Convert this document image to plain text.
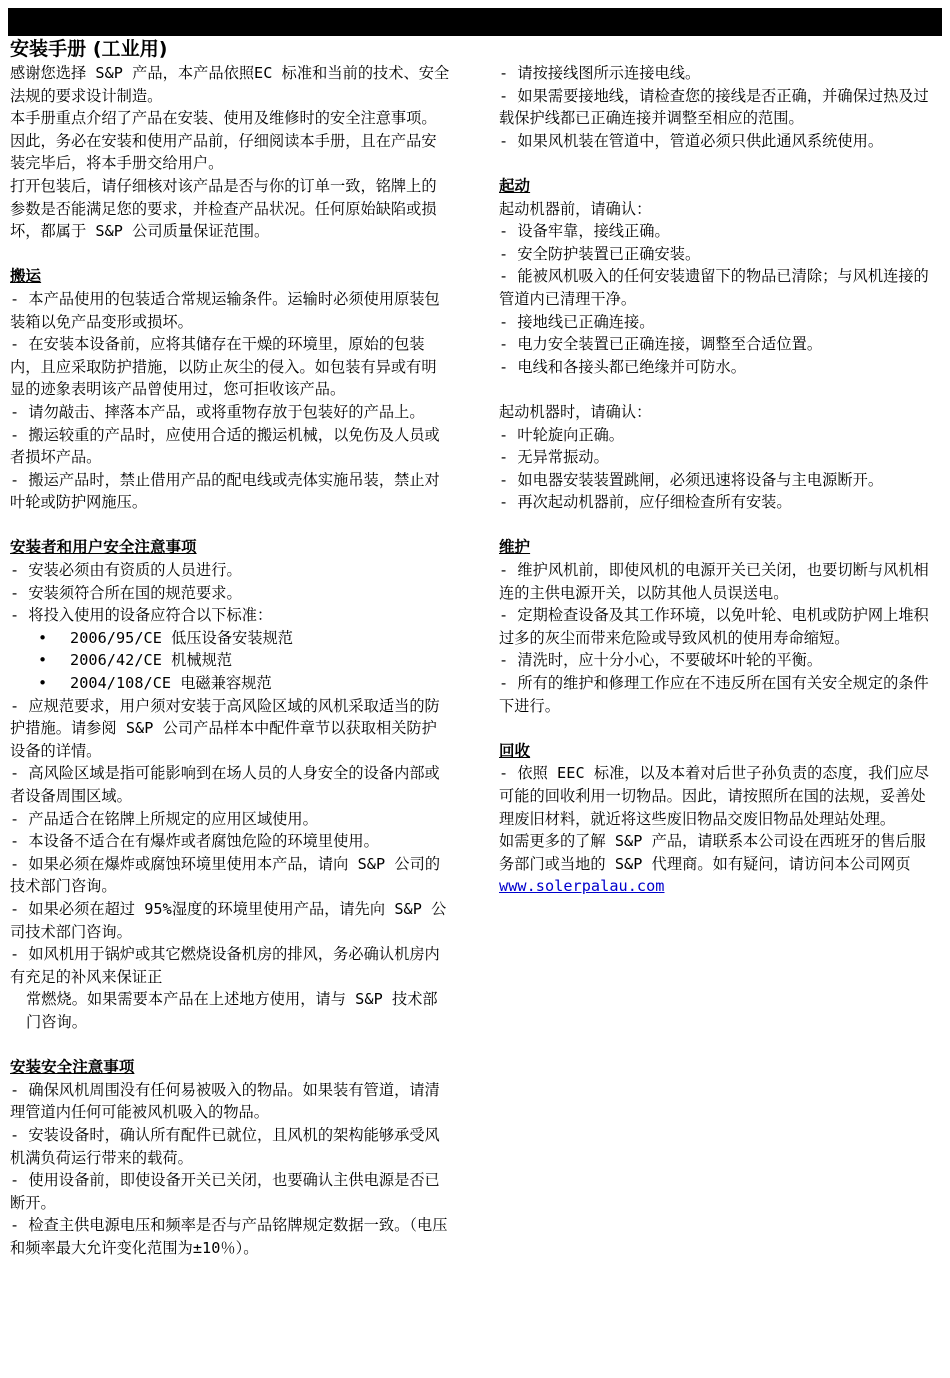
安装手册 (工业用)

感谢您选择 S&P 产品，本产品依照EC 标准和当前的技术、安全法规的要求设计制造。

本手册重点介绍了产品在安装、使用及维修时的安全注意事项。因此，务必在安装和使用产品前，仔细阅读本手册，且在产品安装完毕后，将本手册交给用户。

打开包装后，请仔细核对该产品是否与你的订单一致，铭牌上的参数是否能满足您的要求，并检查产品状况。任何原始缺陷或损坏，都属于 S&P 公司质量保证范围。

搬运

- 本产品使用的包装适合常规运输条件。运输时必须使用原装包装箱以免产品变形或损坏。

- 在安装本设备前，应将其储存在干燥的环境里，原始的包装内，且应采取防护措施，以防止灰尘的侵入。如包装有异或有明显的迹象表明该产品曾使用过，您可拒收该产品。

- 请勿敲击、摔落本产品，或将重物存放于包装好的产品上。

- 搬运较重的产品时，应使用合适的搬运机械，以免伤及人员或者损坏产品。

- 搬运产品时，禁止借用产品的配电线或壳体实施吊装，禁止对叶轮或防护网施压。

安装者和用户安全注意事项

- 安装必须由有资质的人员进行。

- 安装须符合所在国的规范要求。

- 将投入使用的设备应符合以下标准：

• 2006/95/CE 低压设备安装规范
• 2006/42/CE 机械规范
• 2004/108/CE 电磁兼容规范

- 应规范要求，用户须对安装于高风险区域的风机采取适当的防护措施。请参阅 S&P 公司产品样本中配件章节以获取相关防护设备的详情。

- 高风险区域是指可能影响到在场人员的人身安全的设备内部或者设备周围区域。

- 产品适合在铭牌上所规定的应用区域使用。

- 本设备不适合在有爆炸或者腐蚀危险的环境里使用。

- 如果必须在爆炸或腐蚀环境里使用本产品，请向 S&P 公司的技术部门咨询。

- 如果必须在超过 95%湿度的环境里使用产品，请先向 S&P 公司技术部门咨询。

- 如风机用于锅炉或其它燃烧设备机房的排风，务必确认机房内有充足的补风来保证正

常燃烧。如果需要本产品在上述地方使用，请与 S&P 技术部门咨询。

安装安全注意事项

- 确保风机周围没有任何易被吸入的物品。如果装有管道，请清理管道内任何可能被风机吸入的物品。

- 安装设备时，确认所有配件已就位，且风机的架构能够承受风机满负荷运行带来的载荷。

- 使用设备前，即使设备开关已关闭，也要确认主供电源是否已断开。

- 检查主供电源电压和频率是否与产品铭牌规定数据一致。（电压和频率最大允许变化范围为±10％）。

- 请按接线图所示连接电线。

- 如果需要接地线，请检查您的接线是否正确，并确保过热及过载保护线都已正确连接并调整至相应的范围。

- 如果风机装在管道中，管道必须只供此通风系统使用。

起动

起动机器前，请确认：

- 设备牢靠，接线正确。

- 安全防护装置已正确安装。

- 能被风机吸入的任何安装遗留下的物品已清除；与风机连接的管道内已清理干净。

- 接地线已正确连接。

- 电力安全装置已正确连接，调整至合适位置。

- 电线和各接头都已绝缘并可防水。

起动机器时，请确认：

- 叶轮旋向正确。

- 无异常振动。

- 如电器安装装置跳闸，必须迅速将设备与主电源断开。

- 再次起动机器前，应仔细检查所有安装。

维护

- 维护风机前，即使风机的电源开关已关闭，也要切断与风机相连的主供电源开关，以防其他人员误送电。

- 定期检查设备及其工作环境，以免叶轮、电机或防护网上堆积过多的灰尘而带来危险或导致风机的使用寿命缩短。

- 清洗时，应十分小心，不要破坏叶轮的平衡。

- 所有的维护和修理工作应在不违反所在国有关安全规定的条件下进行。

回收

- 依照 EEC 标准，以及本着对后世子孙负责的态度，我们应尽可能的回收利用一切物品。因此，请按照所在国的法规，妥善处理废旧材料，就近将这些废旧物品交废旧物品处理站处理。

如需更多的了解 S&P 产品，请联系本公司设在西班牙的售后服务部门或当地的 S&P 代理商。如有疑问，请访问本公司网页 www.solerpalau.com
